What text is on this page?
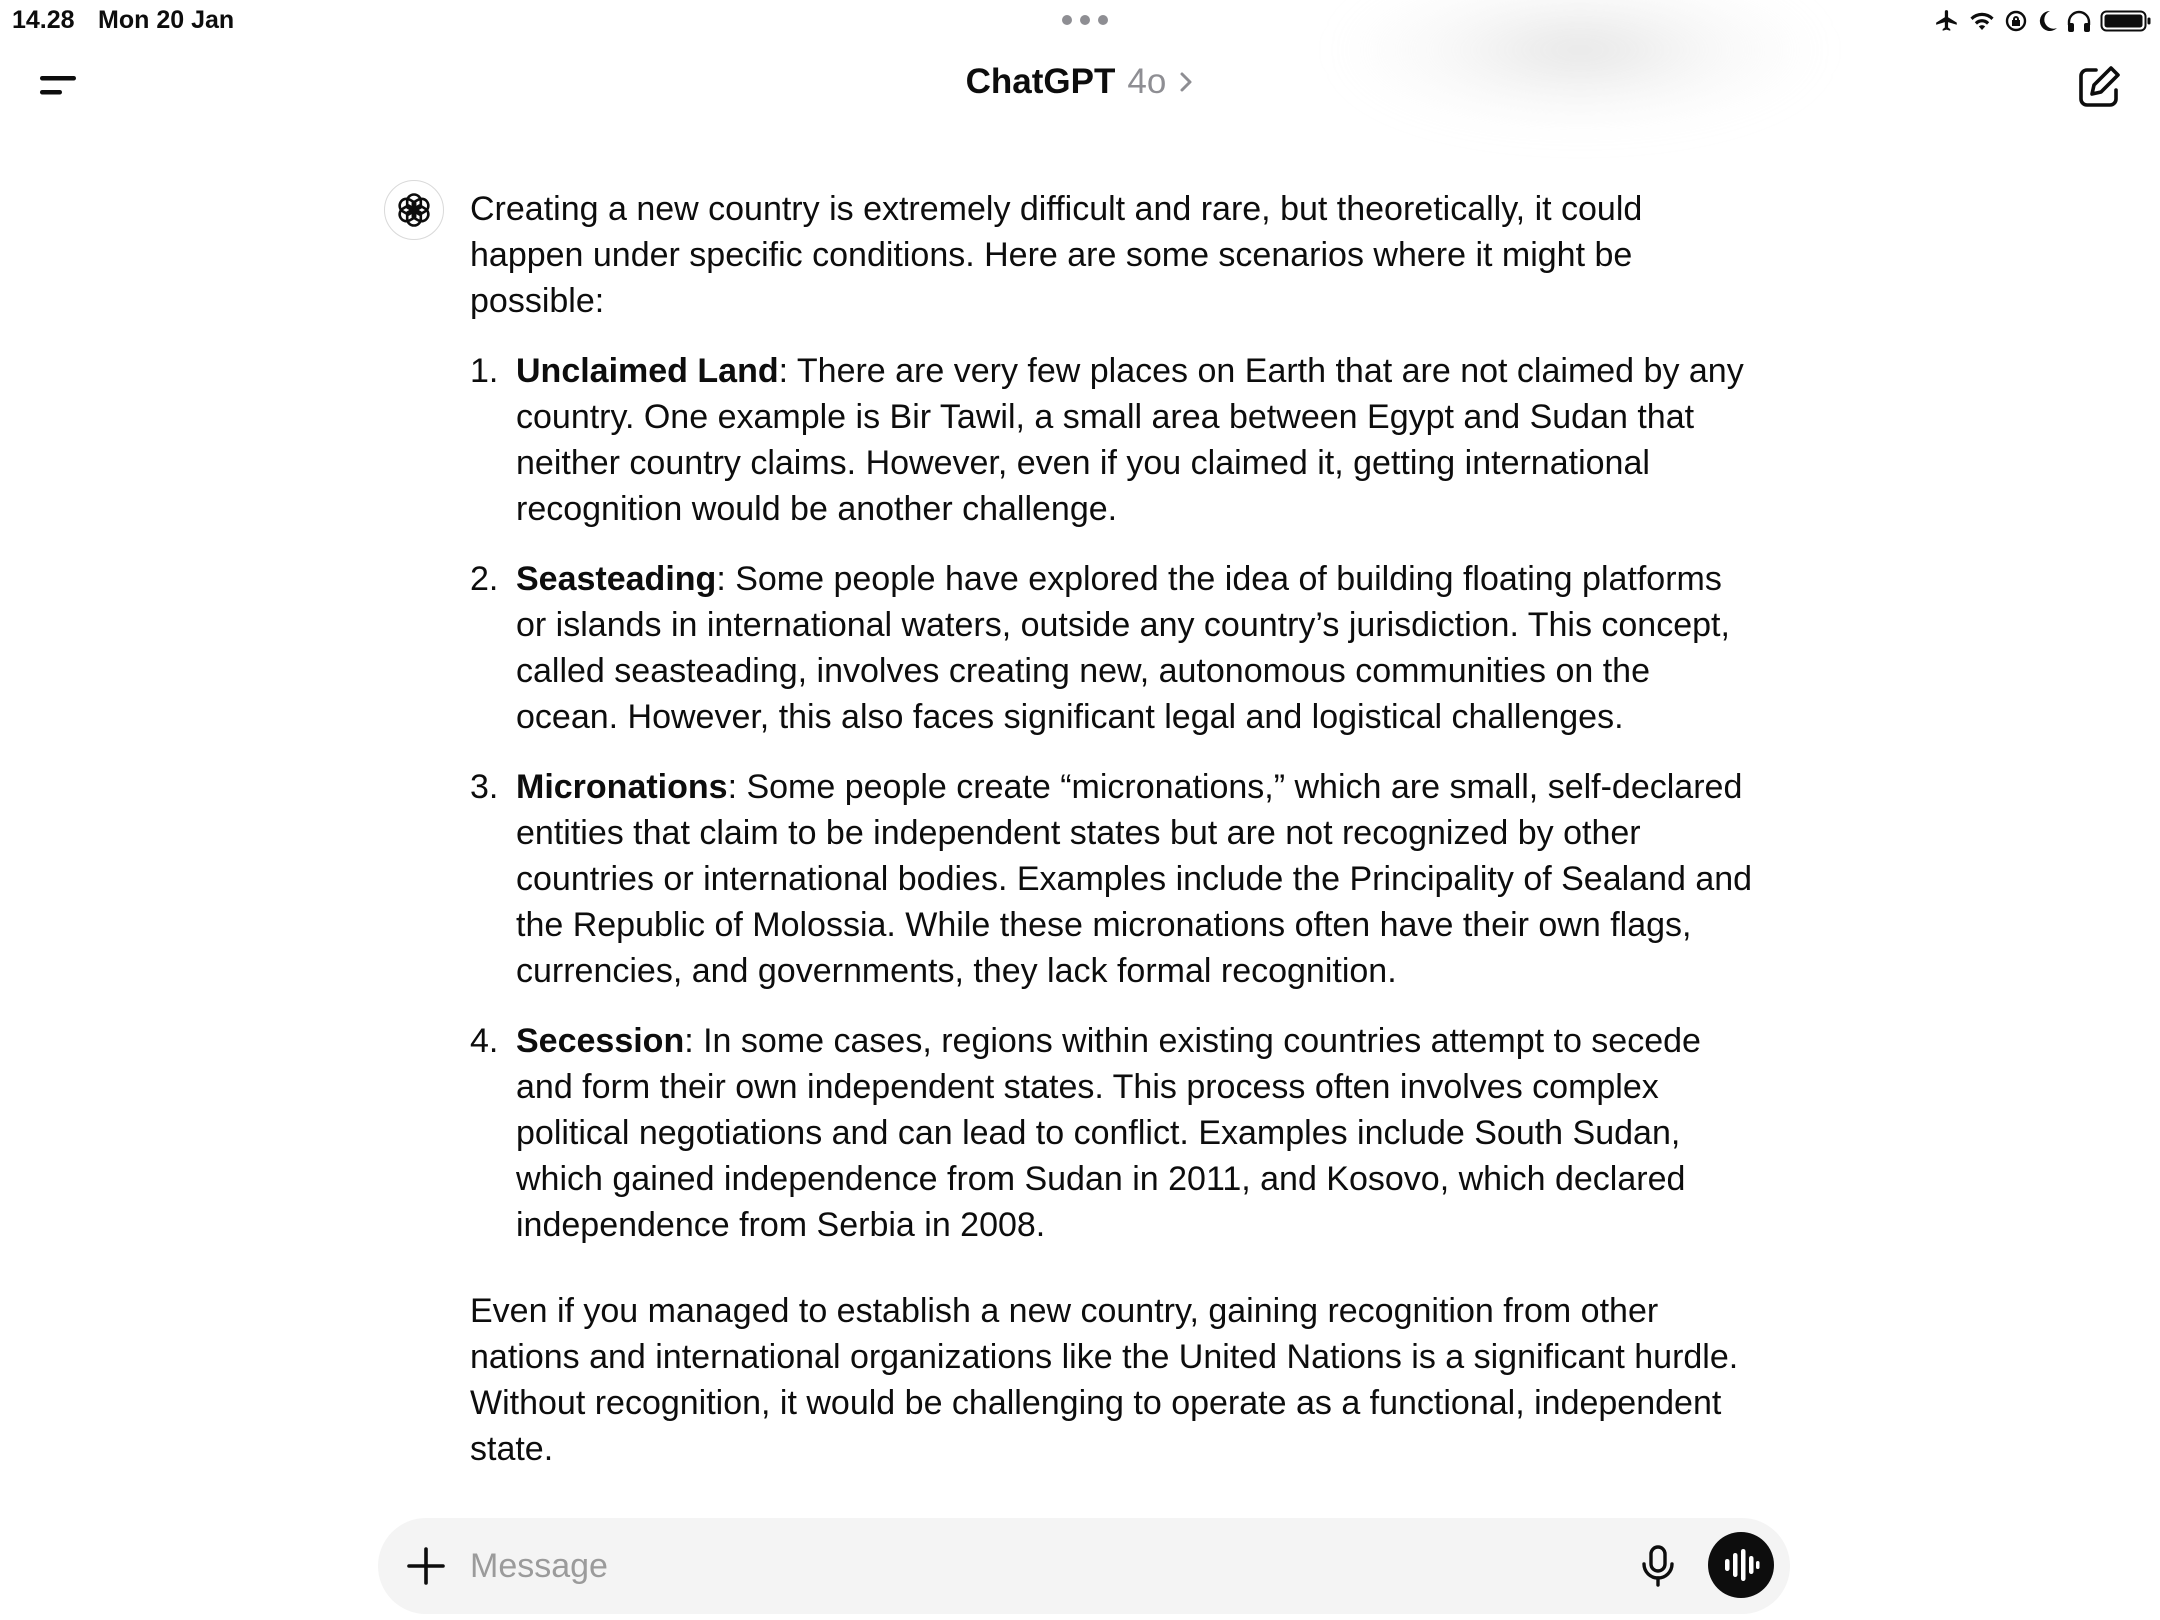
14.28 Mon 20 Jan
ChatGPT 4o

Creating a new country is extremely difficult and rare, but theoretically, it could happen under specific conditions. Here are some scenarios where it might be possible:

1. Unclaimed Land: There are very few places on Earth that are not claimed by any country. One example is Bir Tawil, a small area between Egypt and Sudan that neither country claims. However, even if you claimed it, getting international recognition would be another challenge.
2. Seasteading: Some people have explored the idea of building floating platforms or islands in international waters, outside any country’s jurisdiction. This concept, called seasteading, involves creating new, autonomous communities on the ocean. However, this also faces significant legal and logistical challenges.
3. Micronations: Some people create “micronations,” which are small, self-declared entities that claim to be independent states but are not recognized by other countries or international bodies. Examples include the Principality of Sealand and the Republic of Molossia. While these micronations often have their own flags, currencies, and governments, they lack formal recognition.
4. Secession: In some cases, regions within existing countries attempt to secede and form their own independent states. This process often involves complex political negotiations and can lead to conflict. Examples include South Sudan, which gained independence from Sudan in 2011, and Kosovo, which declared independence from Serbia in 2008.

Even if you managed to establish a new country, gaining recognition from other nations and international organizations like the United Nations is a significant hurdle. Without recognition, it would be challenging to operate as a functional, independent state.

Message
